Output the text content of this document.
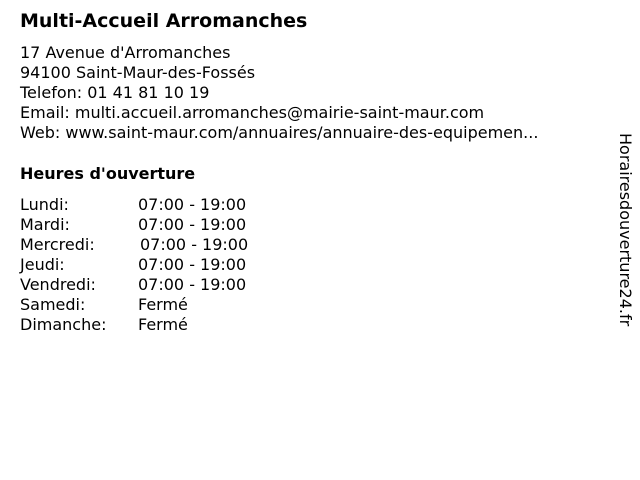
Multi-Accueil Arromanches
17 Avenue d'Arromanches
94100 Saint-Maur-des-Fossés
Telefon: 01 41 81 10 19
Email: multi.accueil.arromanches@mairie-saint-maur.com
Web: www.saint-maur.com/annuaires/annuaire-des-equipemen...
Heures d'ouverture
Lundi:	07:00 - 19:00
Mardi:	07:00 - 19:00
Mercredi:	07:00 - 19:00
Jeudi:	07:00 - 19:00
Vendredi:	07:00 - 19:00
Samedi:	Fermé
Dimanche: Fermé	Horairesdouverture24.fr
